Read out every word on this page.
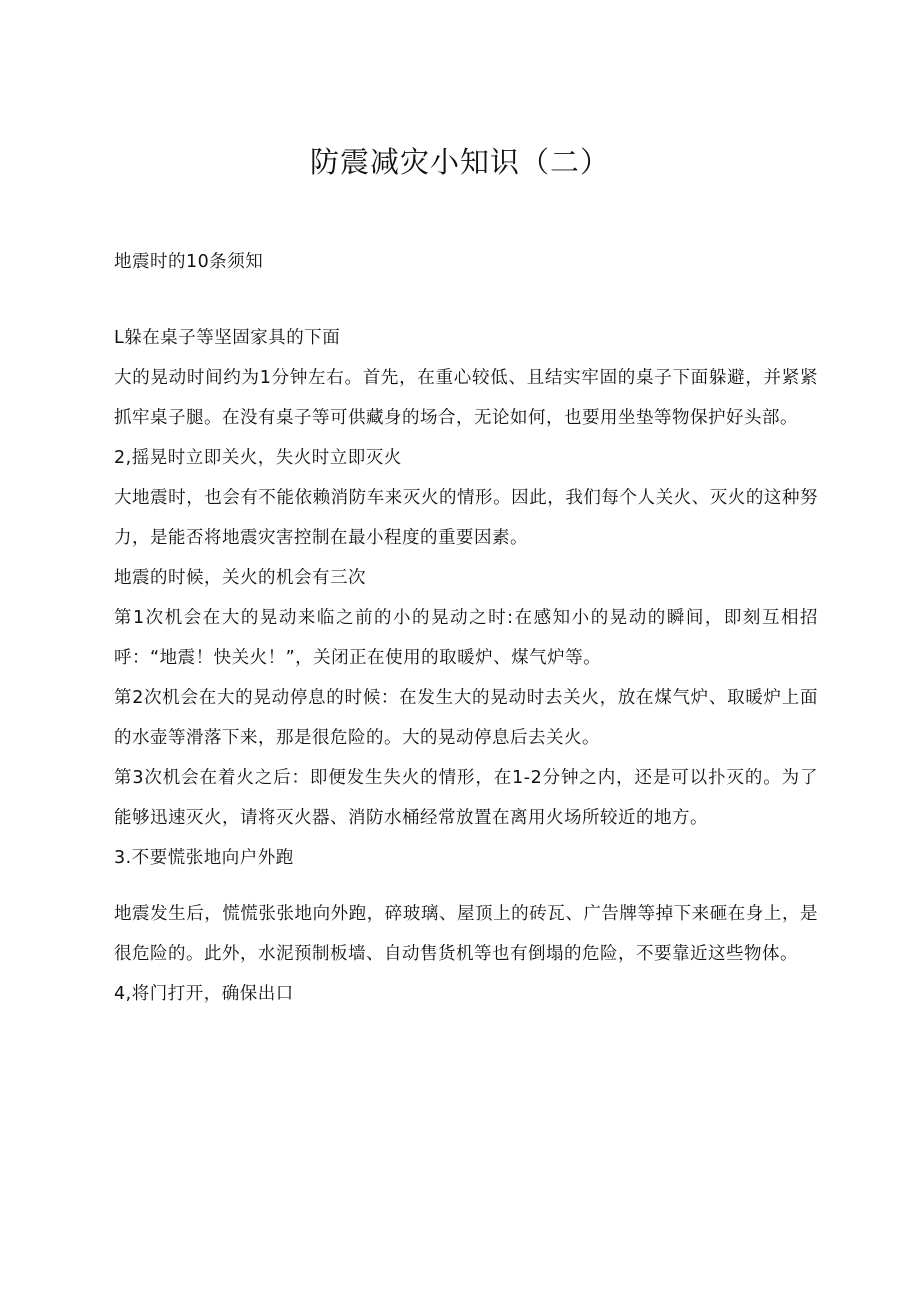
防震减灾小知识（二）

地震时的10条须知

L躲在桌子等坚固家具的下面

大的晃动时间约为1分钟左右。首先，在重心较低、且结实牢固的桌子下面躲避，并紧紧抓牢桌子腿。在没有桌子等可供藏身的场合，无论如何，也要用坐垫等物保护好头部。

2,摇晃时立即关火，失火时立即灭火

大地震时，也会有不能依赖消防车来灭火的情形。因此，我们每个人关火、灭火的这种努力，是能否将地震灾害控制在最小程度的重要因素。

地震的时候，关火的机会有三次

第1次机会在大的晃动来临之前的小的晃动之时:在感知小的晃动的瞬间，即刻互相招呼：“地震！快关火！”，关闭正在使用的取暖炉、煤气炉等。

第2次机会在大的晃动停息的时候：在发生大的晃动时去关火，放在煤气炉、取暖炉上面的水壶等滑落下来，那是很危险的。大的晃动停息后去关火。

第3次机会在着火之后：即便发生失火的情形，在1-2分钟之内，还是可以扑灭的。为了能够迅速灭火，请将灭火器、消防水桶经常放置在离用火场所较近的地方。

3.不要慌张地向户外跑

地震发生后，慌慌张张地向外跑，碎玻璃、屋顶上的砖瓦、广告牌等掉下来砸在身上，是很危险的。此外，水泥预制板墙、自动售货机等也有倒塌的危险，不要靠近这些物体。

4,将门打开，确保出口
